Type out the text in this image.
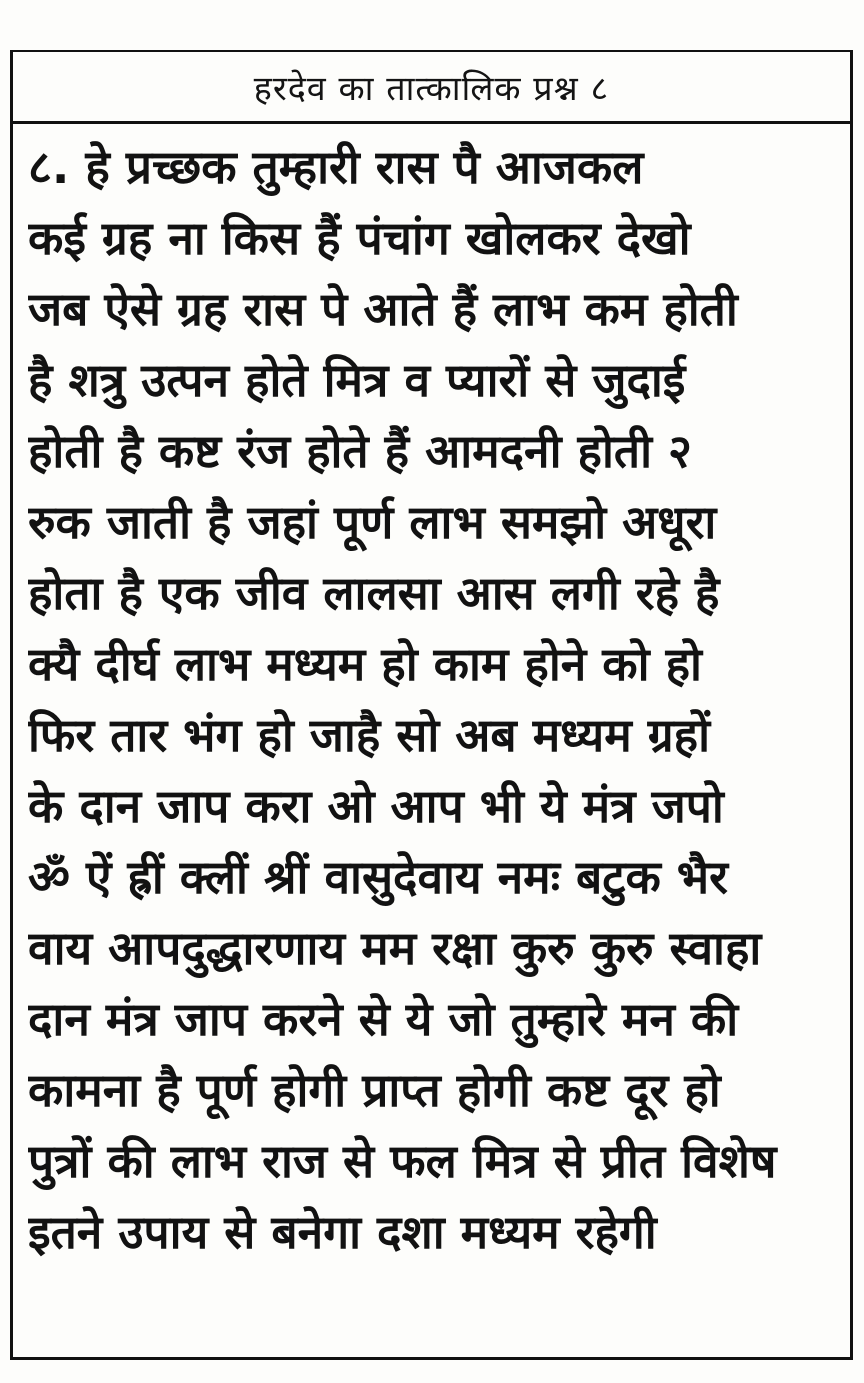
हरदेव का तात्कालिक प्रश्न ८
८. हे प्रच्छक तुम्हारी रास पै आजकल
कई ग्रह ना किस हैं पंचांग खोलकर देखो
जब ऐसे ग्रह रास पे आते हैं लाभ कम होती
है शत्रु उत्पन होते मित्र व प्यारों से जुदाई
होती है कष्ट रंज होते हैं आमदनी होती २
रुक जाती है जहां पूर्ण लाभ समझो अधूरा
होता है एक जीव लालसा आस लगी रहे है
क्यै दीर्घ लाभ मध्यम हो काम होने को हो
फिर तार भंग हो जाहै सो अब मध्यम ग्रहों
के दान जाप करा ओ आप भी ये मंत्र जपो
ॐ ऐं ह्रीं क्लीं श्रीं वासुदेवाय नमः बटुक भैर
वाय आपदुद्धारणाय मम रक्षा कुरु कुरु स्वाहा
दान मंत्र जाप करने से ये जो तुम्हारे मन की
कामना है पूर्ण होगी प्राप्त होगी कष्ट दूर हो
पुत्रों की लाभ राज से फल मित्र से प्रीत विशेष
इतने उपाय से बनेगा दशा मध्यम रहेगी
